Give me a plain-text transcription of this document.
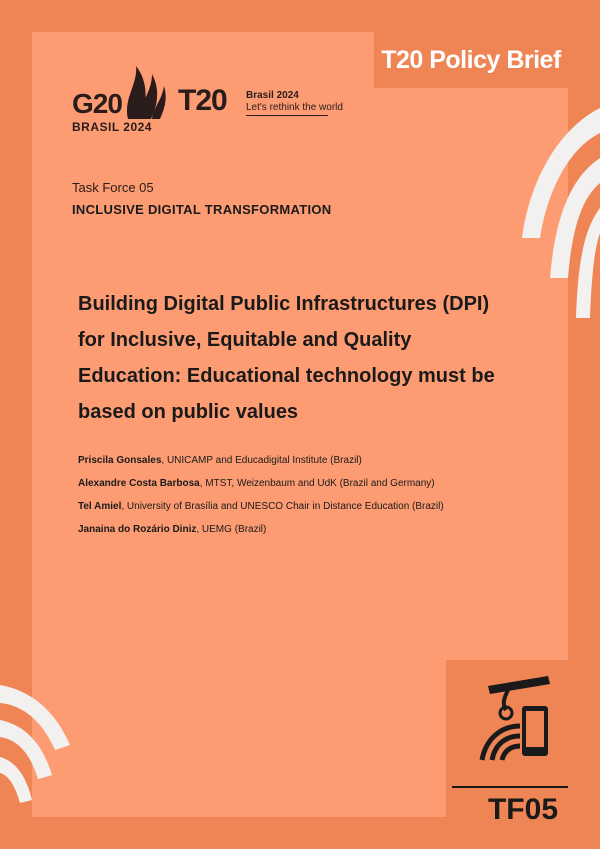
T20 Policy Brief
G20
BRASIL 2024
T20 Brasil 2024
Let's rethink the world
Task Force 05
INCLUSIVE DIGITAL TRANSFORMATION
Building Digital Public Infrastructures (DPI)
for Inclusive, Equitable and Quality
Education: Educational technology must be
based on public values
Priscila Gonsales, UNICAMP and Educadigital Institute (Brazil)
Alexandre Costa Barbosa, MTST, Weizenbaum and UdK (Brazil and Germany)
Tel Amiel, University of Brasília and UNESCO Chair in Distance Education (Brazil)
Janaina do Rozário Diniz, UEMG (Brazil)
TF05
